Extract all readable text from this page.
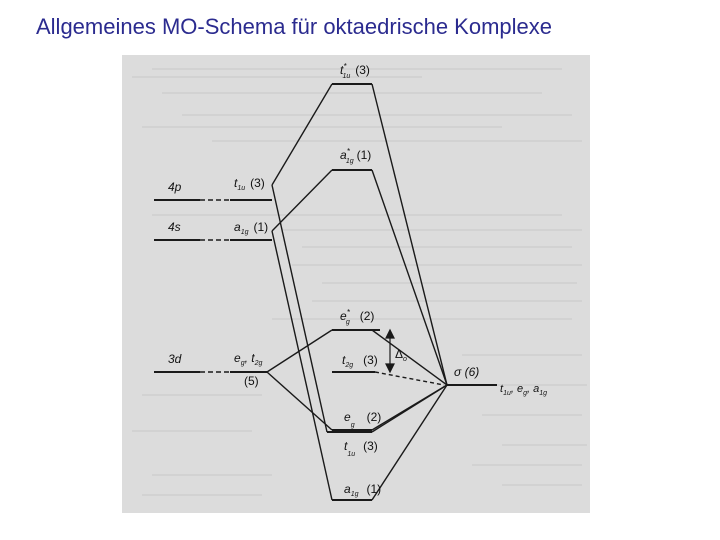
Allgemeines MO-Schema für oktaedrische Komplexe
4p
4s
3d
$t_{1u}$ (3)
$a_{1g}$ (1)
$e_g$, $t_{2g}$
(5)
t* 1u (3)
a* 1g (1)
e* g (2)
$t_{2g}$ (3) $\Delta_o$
$e_g(2)$
$t_{1u}(3)$
$a_{1g}$ (1)
σ (6)
$t_{1u}$, $e_g$, $a_{1g}$
